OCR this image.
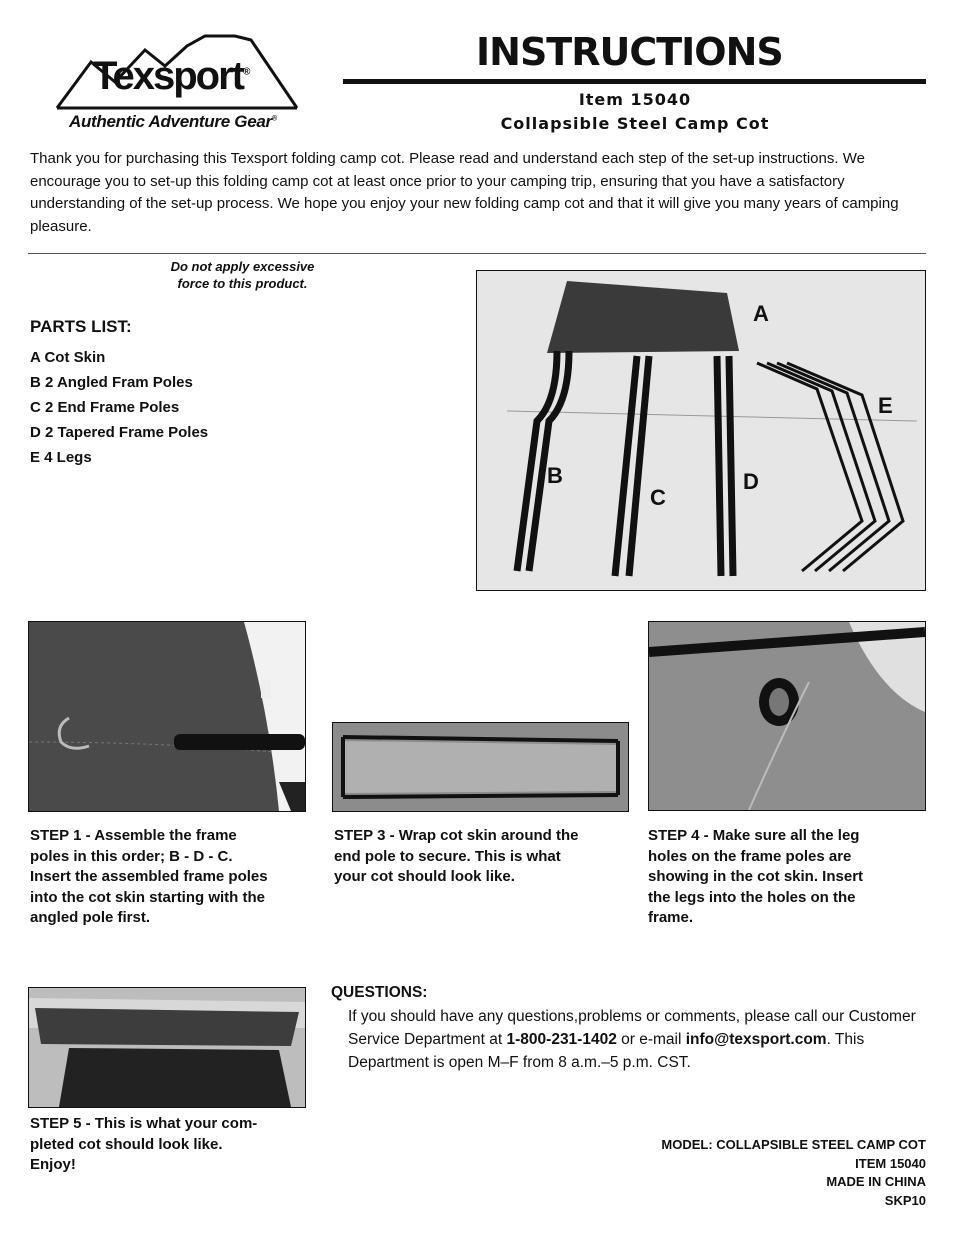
Texsport®
Authentic Adventure Gear®
INSTRUCTIONS
Item 15040
Collapsible Steel Camp Cot
Thank you for purchasing this Texsport folding camp cot. Please read and understand each step of the set-up instructions. We encourage you to set-up this folding camp cot at least once prior to your camping trip, ensuring that you have a satisfactory understanding of the set-up process. We hope you enjoy your new folding camp cot and that it will give you many years of camping pleasure.
Do not apply excessive
force to this product.
PARTS LIST:
A Cot Skin
B 2 Angled Fram Poles
C 2 End Frame Poles
D 2 Tapered Frame Poles
E 4 Legs
A
B
C
D
E
STEP 1 - Assemble the frame
poles in this order; B - D - C.
Insert the assembled frame poles
into the cot skin starting with the
angled pole first.
STEP 3 - Wrap cot skin around the
end pole to secure. This is what
your cot should look like.
STEP 4 - Make sure all the leg
holes on the frame poles are
showing in the cot skin. Insert
the legs into the holes on the
frame.
STEP 5 - This is what your com-
pleted cot should look like.
Enjoy!
QUESTIONS:
If you should have any questions,problems or comments, please call our Customer Service Department at 1-800-231-1402 or e-mail info@texsport.com. This Department is open M–F from 8 a.m.–5 p.m. CST.
MODEL: COLLAPSIBLE STEEL CAMP COT
ITEM 15040
MADE IN CHINA
SKP10
